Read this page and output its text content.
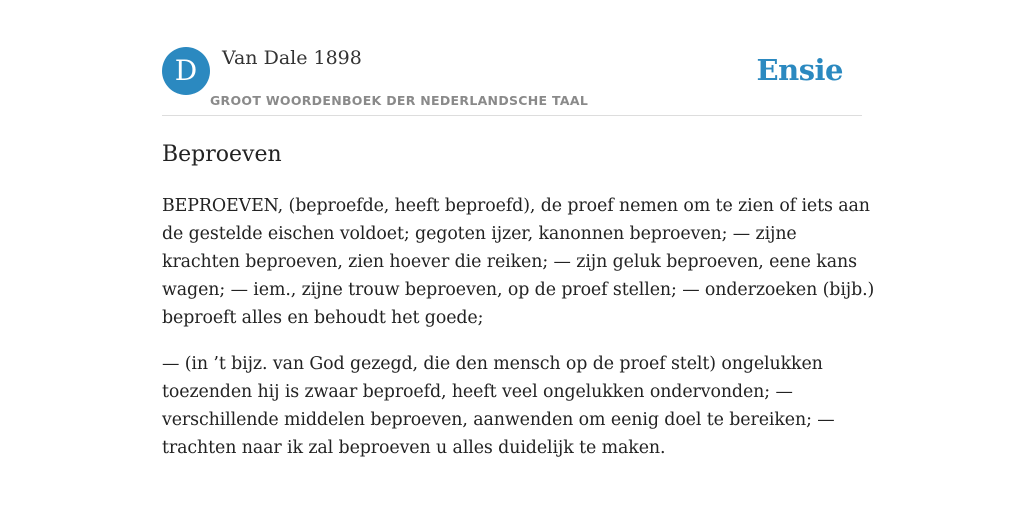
D	Van Dale 1898
GROOT WOORDENBOEK DER NEDERLANDSCHE TAAL
Ensie
Beproeven

BEPROEVEN, (beproefde, heeft beproefd), de proef nemen om te zien of iets aan
de gestelde eischen voldoet; gegoten ijzer, kanonnen beproeven; — zijne
krachten beproeven, zien hoever die reiken; — zijn geluk beproeven, eene kans
wagen; — iem., zijne trouw beproeven, op de proef stellen; — onderzoeken (bijb.)
beproeft alles en behoudt het goede;

— (in ’t bijz. van God gezegd, die den mensch op de proef stelt) ongelukken
toezenden hij is zwaar beproefd, heeft veel ongelukken ondervonden; —
verschillende middelen beproeven, aanwenden om eenig doel te bereiken; —
trachten naar ik zal beproeven u alles duidelijk te maken.
